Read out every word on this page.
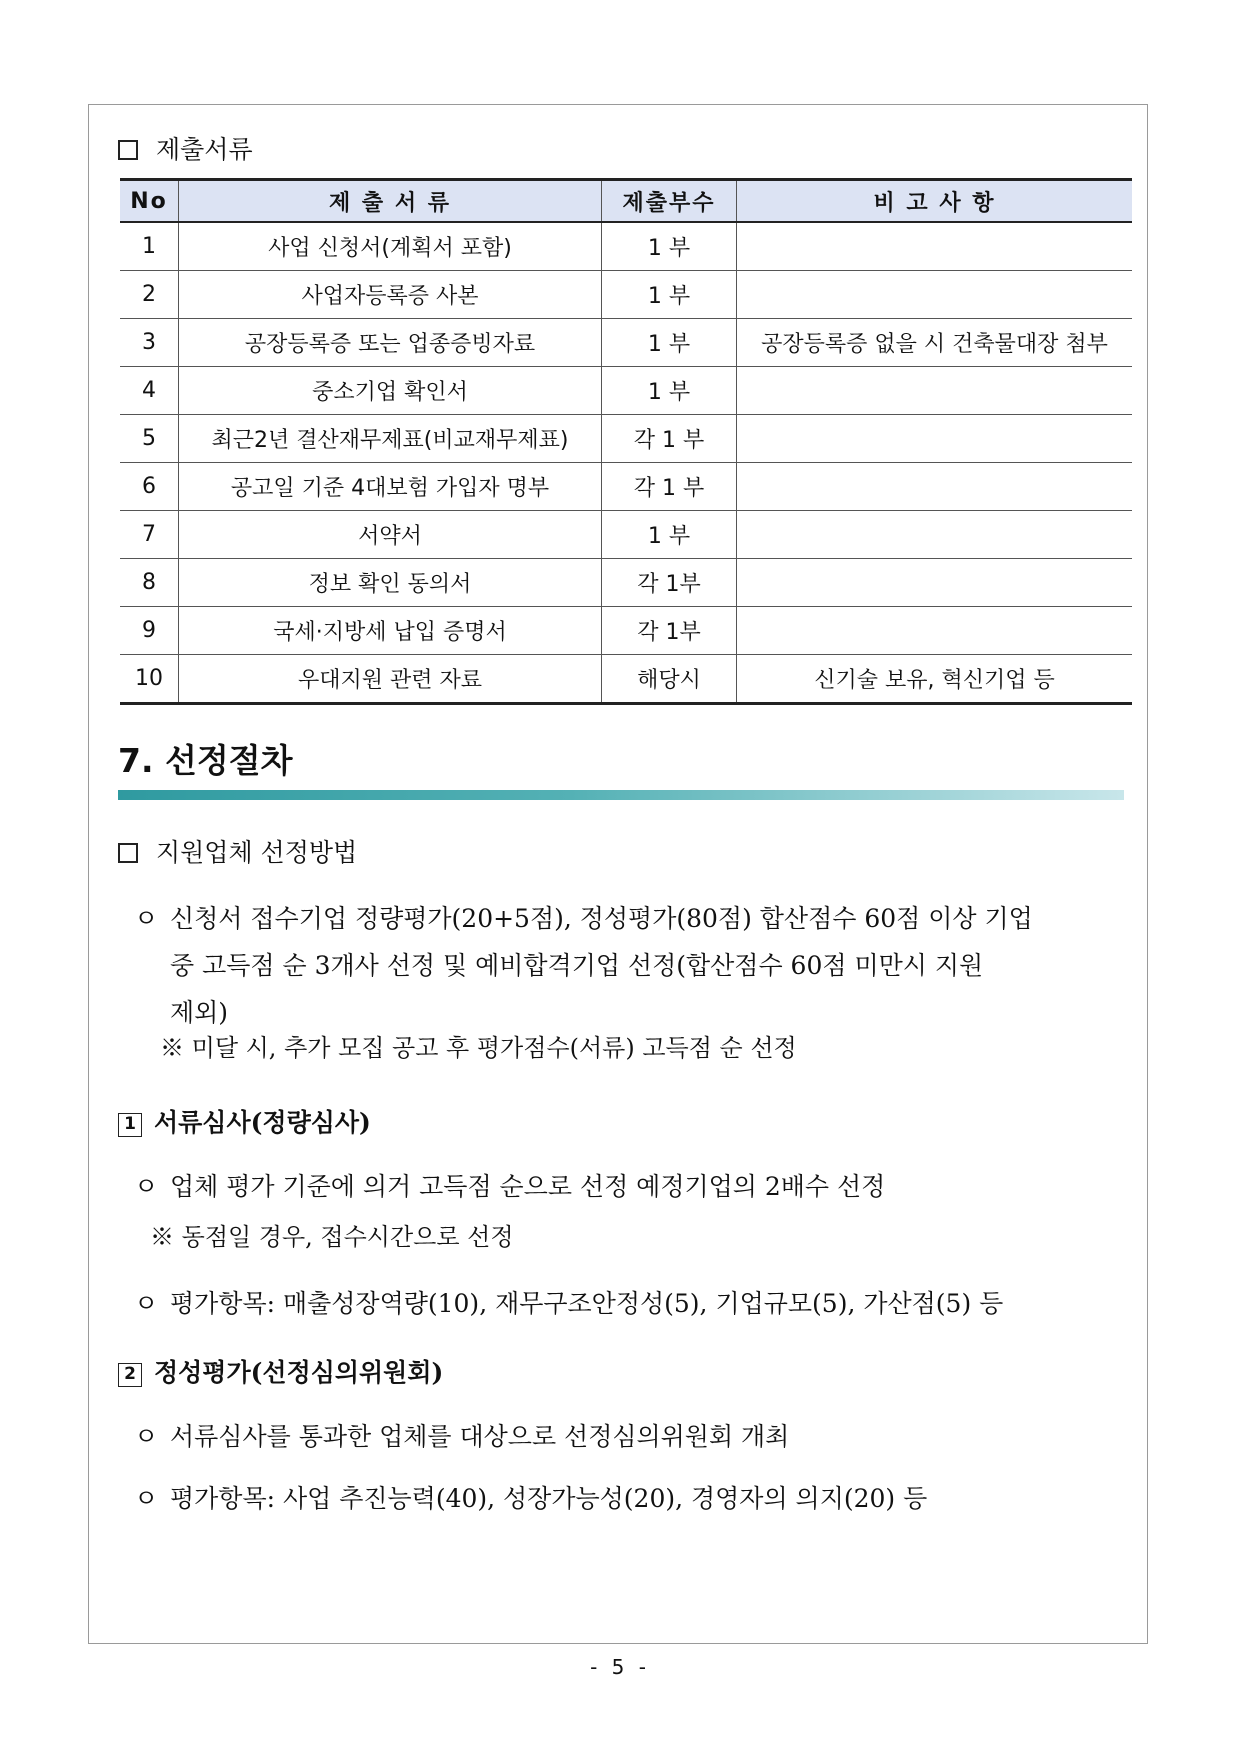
제출서류
No	제 출 서 류	제출부수	비 고 사 항
1	사업 신청서(계획서 포함)	1 부	
2	사업자등록증 사본	1 부	
3	공장등록증 또는 업종증빙자료	1 부	공장등록증 없을 시 건축물대장 첨부
4	중소기업 확인서	1 부	
5	최근2년 결산재무제표(비교재무제표)	각 1 부	
6	공고일 기준 4대보험 가입자 명부	각 1 부	
7	서약서	1 부	
8	정보 확인 동의서	각 1부	
9	국세·지방세 납입 증명서	각 1부	
10	우대지원 관련 자료	해당시	신기술 보유, 혁신기업 등
7. 선정절차
지원업체 선정방법
ㅇ 신청서 접수기업 정량평가(20+5점), 정성평가(80점) 합산점수 60점 이상 기업
중 고득점 순 3개사 선정 및 예비합격기업 선정(합산점수 60점 미만시 지원
제외)
※ 미달 시, 추가 모집 공고 후 평가점수(서류) 고득점 순 선정
1 서류심사(정량심사)
ㅇ 업체 평가 기준에 의거 고득점 순으로 선정 예정기업의 2배수 선정
※ 동점일 경우, 접수시간으로 선정
ㅇ 평가항목: 매출성장역량(10), 재무구조안정성(5), 기업규모(5), 가산점(5) 등
2 정성평가(선정심의위원회)
ㅇ 서류심사를 통과한 업체를 대상으로 선정심의위원회 개최
ㅇ 평가항목: 사업 추진능력(40), 성장가능성(20), 경영자의 의지(20) 등
- 5 -
